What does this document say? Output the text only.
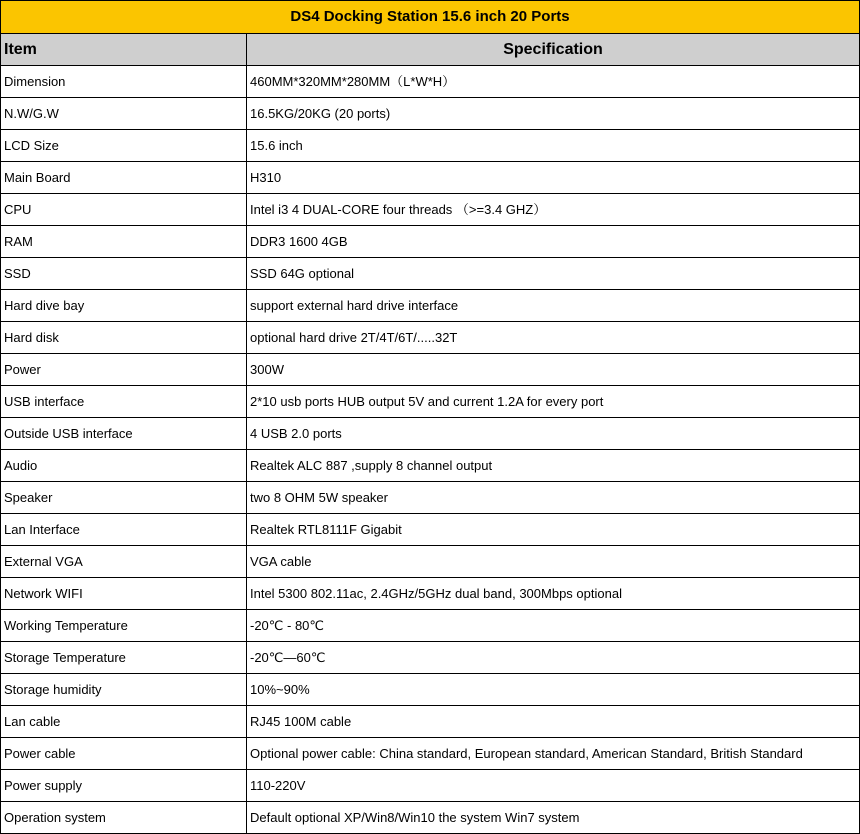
DS4 Docking Station 15.6 inch 20 Ports	
Item	Specification
Dimension	460MM*320MM*280MM（L*W*H）
N.W/G.W	16.5KG/20KG (20 ports)
LCD Size	15.6 inch
Main Board	H310
CPU	Intel i3 4 DUAL-CORE four threads （>=3.4 GHZ）
RAM	DDR3 1600 4GB
SSD	SSD 64G optional
Hard dive bay	support external hard drive interface
Hard disk	optional hard drive 2T/4T/6T/.....32T
Power	300W
USB interface	2*10 usb ports HUB output 5V and current 1.2A for every port
Outside USB interface	4 USB 2.0 ports
Audio	Realtek ALC 887 ,supply 8 channel output
Speaker	two 8 OHM 5W speaker
Lan Interface	Realtek RTL8111F Gigabit
External VGA	VGA cable
Network WIFI	Intel 5300 802.11ac, 2.4GHz/5GHz dual band, 300Mbps optional
Working Temperature	-20℃ - 80℃
Storage Temperature	-20℃—60℃
Storage humidity	10%~90%
Lan cable	RJ45 100M cable
Power cable	Optional power cable: China standard, European standard, American Standard, British Standard
Power supply	110-220V
Operation system	Default optional XP/Win8/Win10 the system Win7 system
